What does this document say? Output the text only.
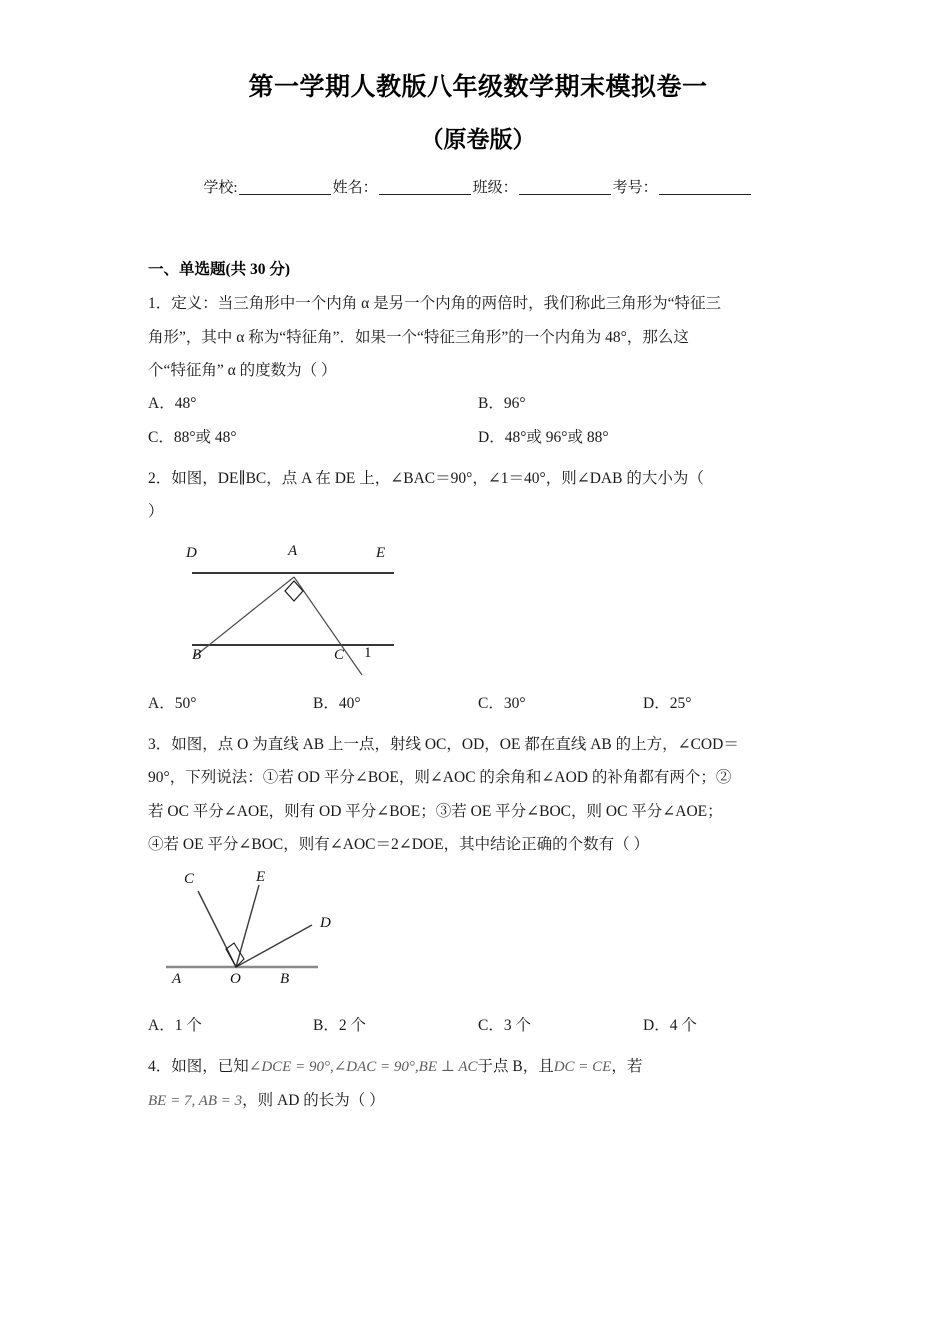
第一学期人教版八年级数学期末模拟卷一
（原卷版）
学校:	姓名：	班级：	考号：
一、单选题(共 30 分)
1．定义：当三角形中一个内角 α 是另一个内角的两倍时，我们称此三角形为“特征三
角形”，其中 α 称为“特征角”．如果一个“特征三角形”的一个内角为 48°，那么这
个“特征角” α 的度数为（ ）
A．48°	B．96°
C．88°或 48°	D．48°或 96°或 88°
2．如图，DE∥BC，点 A 在 DE 上，∠BAC＝90°，∠1＝40°，则∠DAB 的大小为（
）
D	A	E
B	C 1
A．50°	B．40°	C．30°	D．25°
3．如图，点 O 为直线 AB 上一点，射线 OC，OD，OE 都在直线 AB 的上方，∠COD＝
90°，下列说法：①若 OD 平分∠BOE，则∠AOC 的余角和∠AOD 的补角都有两个；②
若 OC 平分∠AOE，则有 OD 平分∠BOE；③若 OE 平分∠BOC，则 OC 平分∠AOE；
④若 OE 平分∠BOC，则有∠AOC＝2∠DOE，其中结论正确的个数有（ ）
C	E
D
A	O	B
A．1 个	B．2 个	C．3 个	D．4 个
4．如图，已知∠DCE = 90°,∠DAC = 90°,BE ⊥ AC于点 B，且DC = CE，若
BE = 7, AB = 3，则 AD 的长为（ ）
